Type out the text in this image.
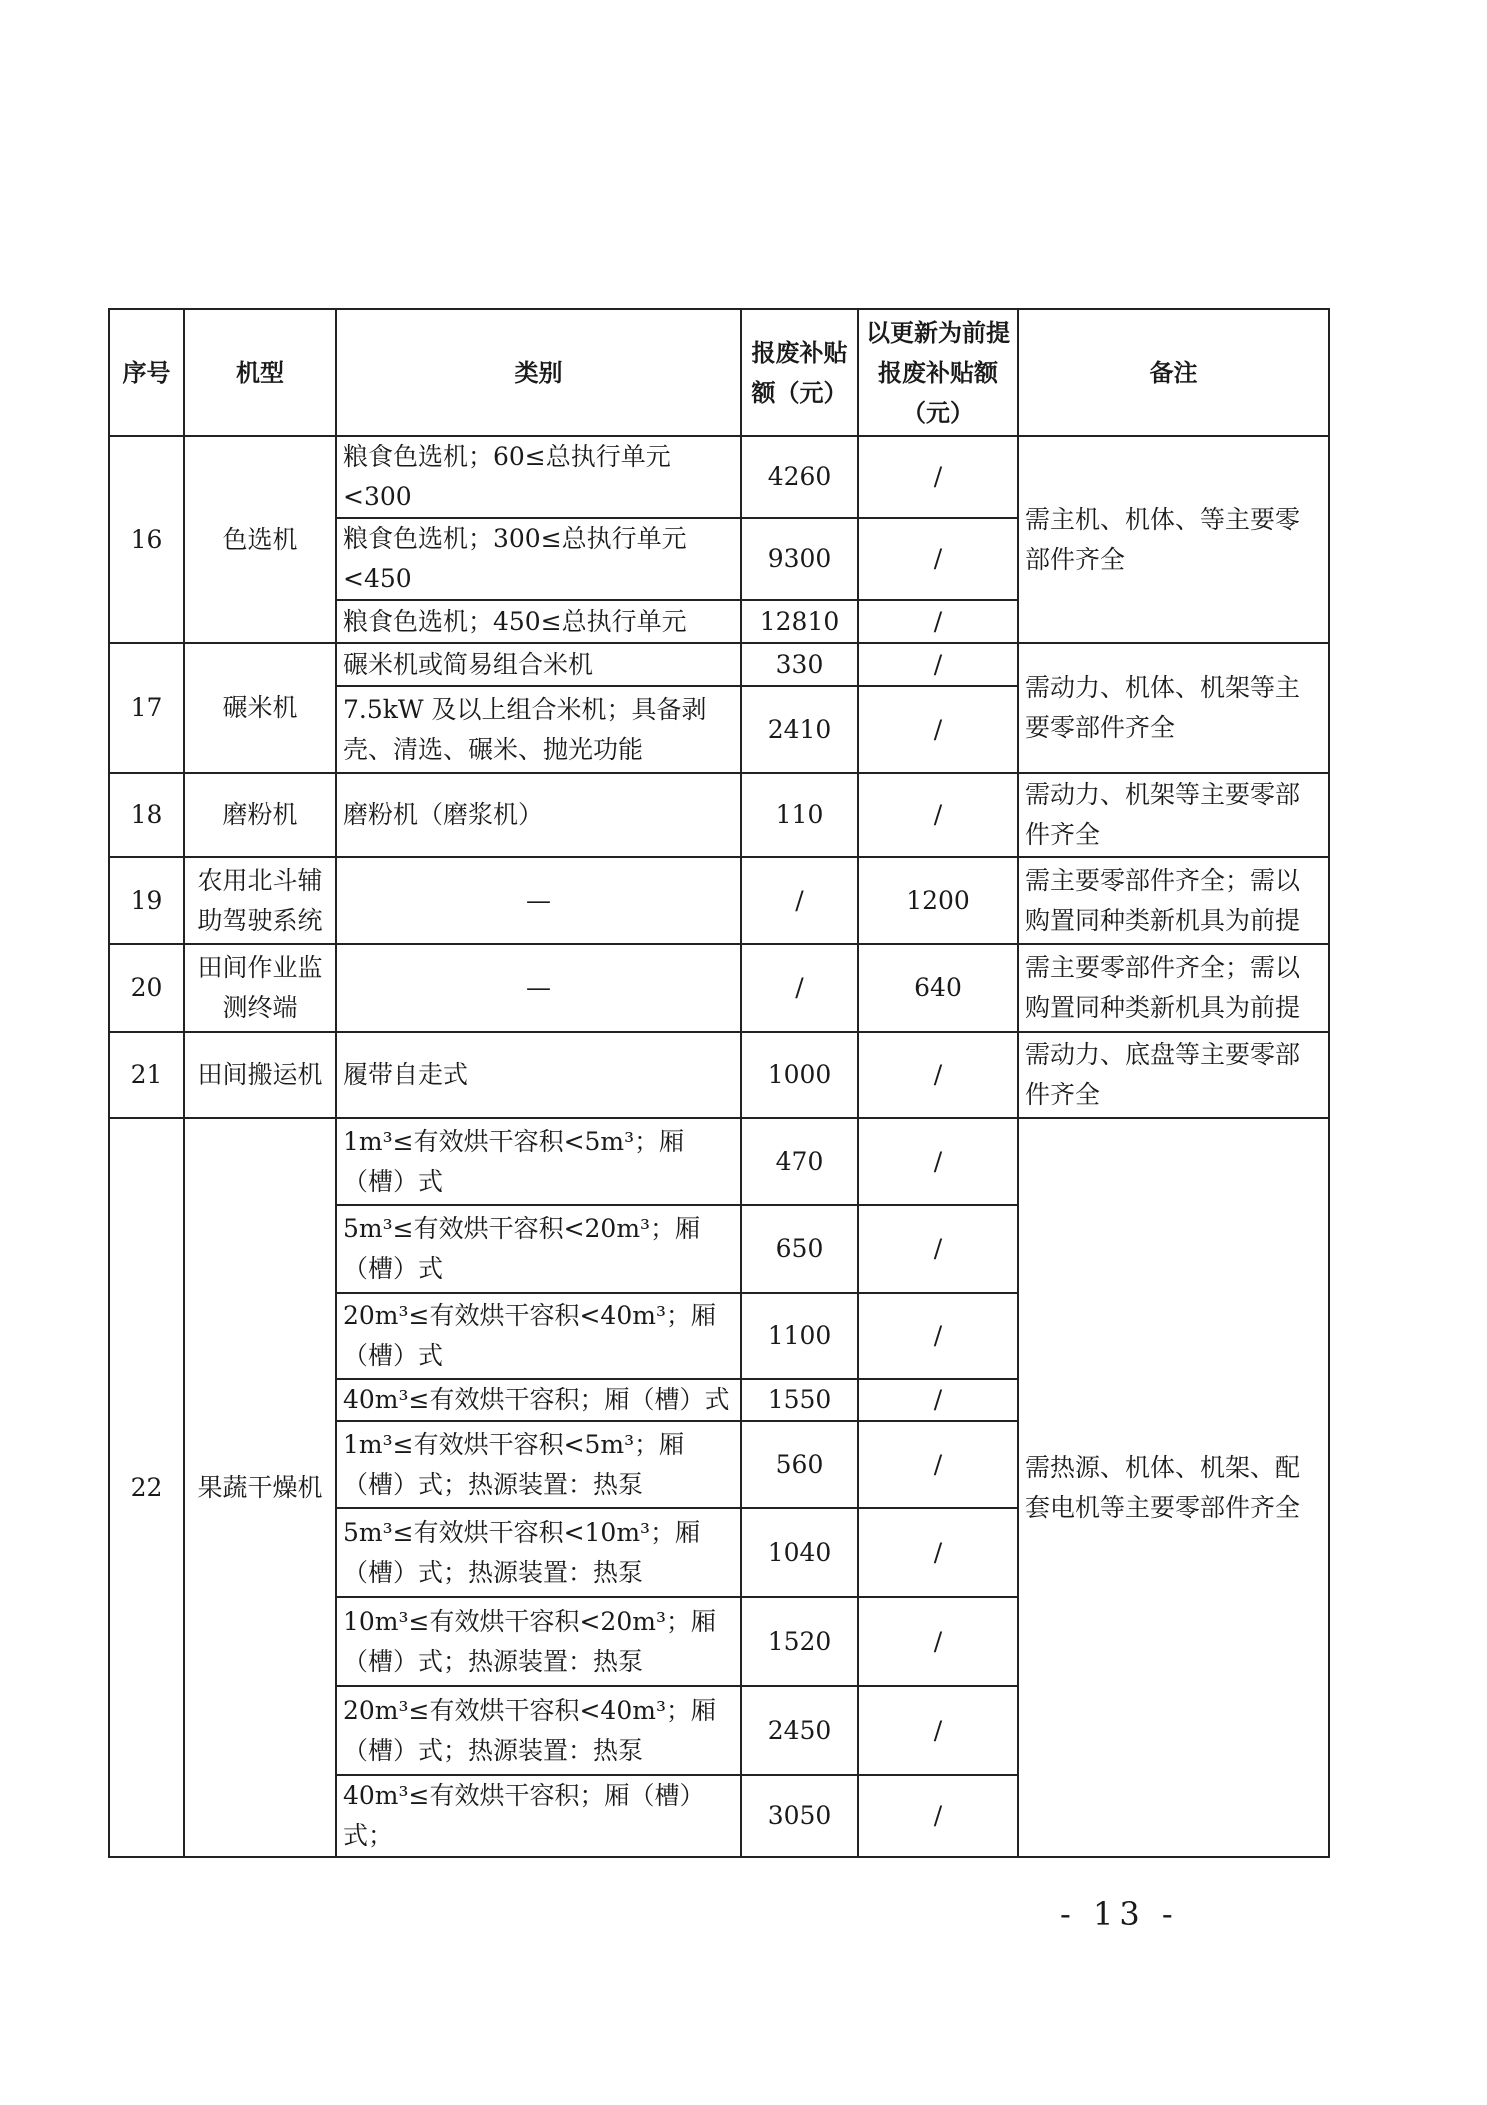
序号	机型	类别	报废补贴额（元）	以更新为前提报废补贴额（元）	备注
16	色选机	粮食色选机；60≤总执行单元<300	4260	/	需主机、机体、等主要零部件齐全
		粮食色选机；300≤总执行单元<450	9300	/	
		粮食色选机；450≤总执行单元	12810	/	
17	碾米机	碾米机或简易组合米机	330	/	需动力、机体、机架等主要零部件齐全
		7.5kW 及以上组合米机；具备剥壳、清选、碾米、抛光功能	2410	/	
18	磨粉机	磨粉机（磨浆机）	110	/	需动力、机架等主要零部件齐全
19	农用北斗辅助驾驶系统	—	/	1200	需主要零部件齐全；需以购置同种类新机具为前提
20	田间作业监测终端	—	/	640	需主要零部件齐全；需以购置同种类新机具为前提
21	田间搬运机	履带自走式	1000	/	需动力、底盘等主要零部件齐全
22	果蔬干燥机	1m³≤有效烘干容积<5m³；厢（槽）式	470	/	需热源、机体、机架、配套电机等主要零部件齐全
		5m³≤有效烘干容积<20m³；厢（槽）式	650	/	
		20m³≤有效烘干容积<40m³；厢（槽）式	1100	/	
		40m³≤有效烘干容积；厢（槽）式	1550	/	
		1m³≤有效烘干容积<5m³；厢（槽）式；热源装置：热泵	560	/	
		5m³≤有效烘干容积<10m³；厢（槽）式；热源装置：热泵	1040	/	
		10m³≤有效烘干容积<20m³；厢（槽）式；热源装置：热泵	1520	/	
		20m³≤有效烘干容积<40m³；厢（槽）式；热源装置：热泵	2450	/	
		40m³≤有效烘干容积；厢（槽）式；	3050	/	
- 13 -
